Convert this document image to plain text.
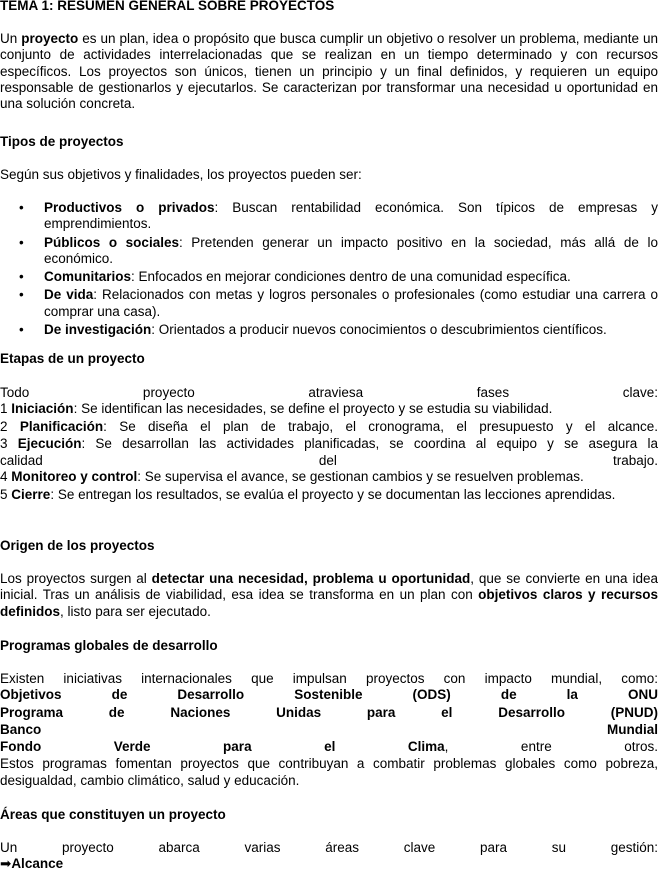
TEMA 1: RESUMEN GENERAL SOBRE PROYECTOS

Un proyecto es un plan, idea o propósito que busca cumplir un objetivo o resolver un problema, mediante un conjunto de actividades interrelacionadas que se realizan en un tiempo determinado y con recursos específicos. Los proyectos son únicos, tienen un principio y un final definidos, y requieren un equipo responsable de gestionarlos y ejecutarlos. Se caracterizan por transformar una necesidad u oportunidad en una solución concreta.

Tipos de proyectos

Según sus objetivos y finalidades, los proyectos pueden ser:

• Productivos o privados: Buscan rentabilidad económica. Son típicos de empresas y emprendimientos.
• Públicos o sociales: Pretenden generar un impacto positivo en la sociedad, más allá de lo económico.
• Comunitarios: Enfocados en mejorar condiciones dentro de una comunidad específica.
• De vida: Relacionados con metas y logros personales o profesionales (como estudiar una carrera o comprar una casa).
• De investigación: Orientados a producir nuevos conocimientos o descubrimientos científicos.
Etapas de un proyecto
Todo proyecto atraviesa fases clave:
1 Iniciación: Se identifican las necesidades, se define el proyecto y se estudia su viabilidad.
2 Planificación: Se diseña el plan de trabajo, el cronograma, el presupuesto y el alcance.
3 Ejecución: Se desarrollan las actividades planificadas, se coordina al equipo y se asegura la
calidad del trabajo.
4 Monitoreo y control: Se supervisa el avance, se gestionan cambios y se resuelven problemas.
5 Cierre: Se entregan los resultados, se evalúa el proyecto y se documentan las lecciones aprendidas.
Origen de los proyectos

Los proyectos surgen al detectar una necesidad, problema u oportunidad, que se convierte en una idea inicial. Tras un análisis de viabilidad, esa idea se transforma en un plan con objetivos claros y recursos definidos, listo para ser ejecutado.

Programas globales de desarrollo
Existen iniciativas internacionales que impulsan proyectos con impacto mundial, como:
Objetivos de Desarrollo Sostenible (ODS) de la ONU
Programa de Naciones Unidas para el Desarrollo (PNUD)
Banco Mundial
Fondo Verde para el Clima, entre otros.
Estos programas fomentan proyectos que contribuyan a combatir problemas globales como pobreza, desigualdad, cambio climático, salud y educación.
Áreas que constituyen un proyecto
Un proyecto abarca varias áreas clave para su gestión:
➡Alcance
